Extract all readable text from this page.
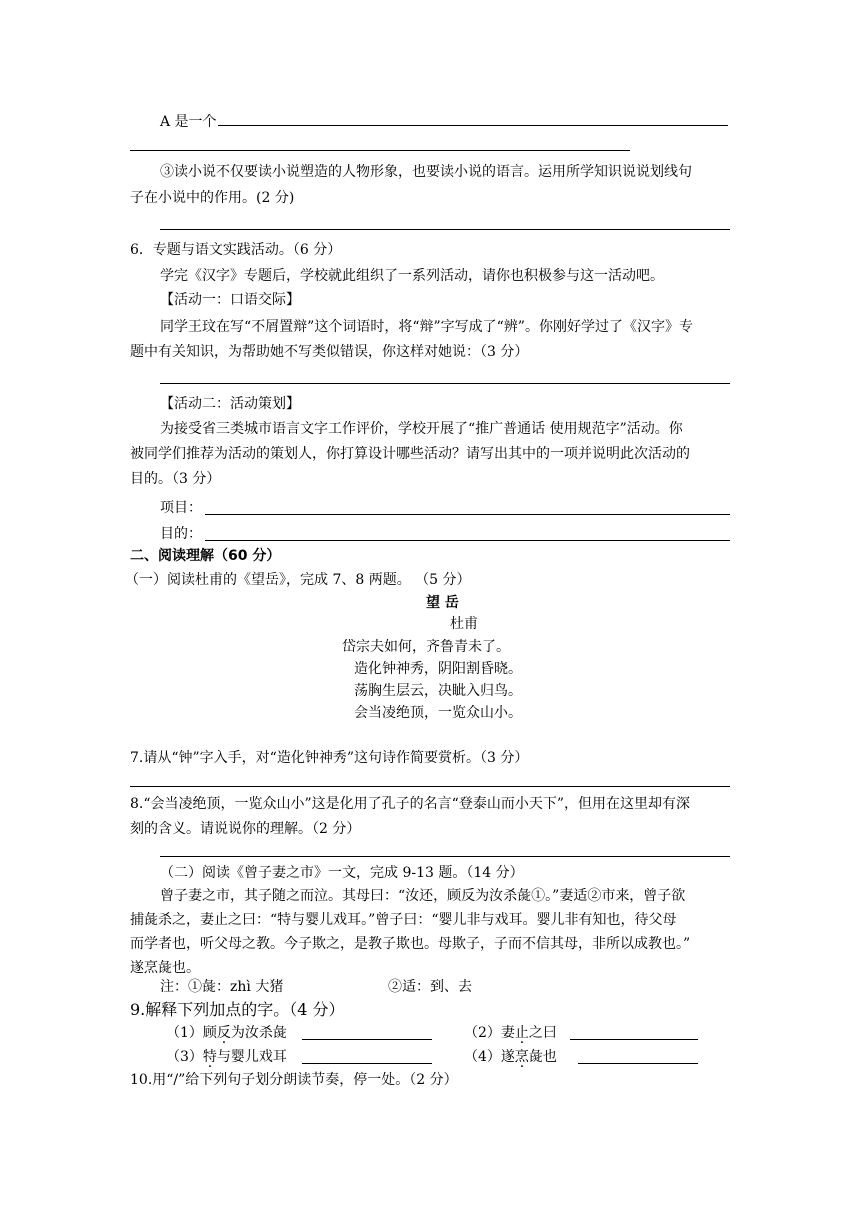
A 是一个
③读小说不仅要读小说塑造的人物形象，也要读小说的语言。运用所学知识说说划线句
子在小说中的作用。(2 分)
6．专题与语文实践活动。（6 分）
学完《汉字》专题后，学校就此组织了一系列活动，请你也积极参与这一活动吧。
【活动一：口语交际】
同学王玟在写“不屑置辩”这个词语时，将“辩”字写成了“辨”。你刚好学过了《汉字》专
题中有关知识，为帮助她不写类似错误，你这样对她说：（3 分）
【活动二：活动策划】
为接受省三类城市语言文字工作评价，学校开展了“推广普通话 使用规范字”活动。你
被同学们推荐为活动的策划人，你打算设计哪些活动？请写出其中的一项并说明此次活动的
目的。（3 分）
项目：
目的：
二、阅读理解（60 分）
（一）阅读杜甫的《望岳》，完成 7、8 两题。 （5 分）
望 岳
杜甫
岱宗夫如何，齐鲁青未了。
造化钟神秀，阴阳割昏晓。
荡胸生层云，决眦入归鸟。
会当凌绝顶，一览众山小。
7.请从“钟”字入手，对“造化钟神秀”这句诗作简要赏析。（3 分）
8.“会当凌绝顶，一览众山小”这是化用了孔子的名言“登泰山而小天下”，但用在这里却有深
刻的含义。请说说你的理解。（2 分）
（二）阅读《曾子妻之市》一文，完成 9-13 题。（14 分）
曾子妻之市，其子随之而泣。其母曰：“汝还，顾反为汝杀彘①。”妻适②市来，曾子欲
捕彘杀之，妻止之曰：“特与婴儿戏耳。”曾子曰：“婴儿非与戏耳。婴儿非有知也，待父母
而学者也，听父母之教。今子欺之，是教子欺也。母欺子，子而不信其母，非所以成教也。”
遂烹彘也。
注：①彘：zhì 大猪	②适：到、去
9.解释下列加点的字。（4 分）
（1）顾反为汝杀彘	（2）妻止之曰
（3）特与婴儿戏耳	（4）遂烹彘也
10.用“/”给下列句子划分朗读节奏，停一处。（2 分）
